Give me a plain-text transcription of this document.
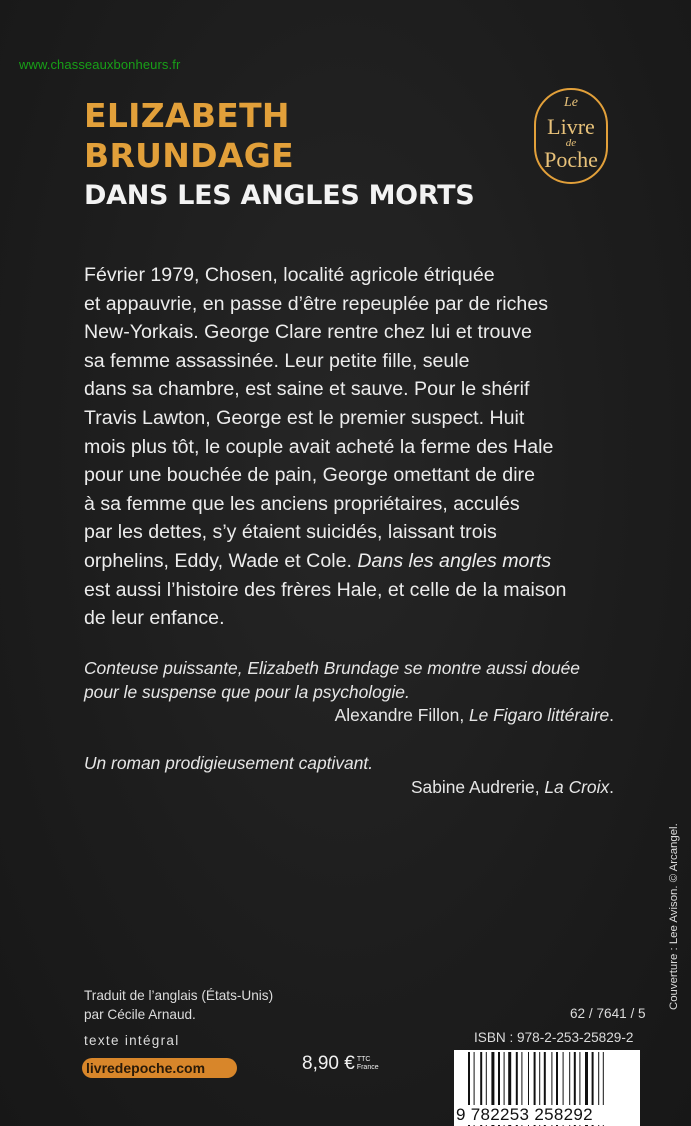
www.chasseauxbonheurs.fr
ELIZABETH
BRUNDAGE
DANS LES ANGLES MORTS
Le
Livre
de
Poche
Février 1979, Chosen, localité agricole étriquée
et appauvrie, en passe d’être repeuplée par de riches
New-Yorkais. George Clare rentre chez lui et trouve
sa femme assassinée. Leur petite fille, seule
dans sa chambre, est saine et sauve. Pour le shérif
Travis Lawton, George est le premier suspect. Huit
mois plus tôt, le couple avait acheté la ferme des Hale
pour une bouchée de pain, George omettant de dire
à sa femme que les anciens propriétaires, acculés
par les dettes, s’y étaient suicidés, laissant trois
orphelins, Eddy, Wade et Cole. Dans les angles morts
est aussi l’histoire des frères Hale, et celle de la maison
de leur enfance.
Conteuse puissante, Elizabeth Brundage se montre aussi douée
pour le suspense que pour la psychologie.
Alexandre Fillon, Le Figaro littéraire.
Un roman prodigieusement captivant.
Sabine Audrerie, La Croix.
Traduit de l’anglais (États-Unis)
par Cécile Arnaud.
texte intégral
livredepoche.com	8,90 € $^{TTC France}$
62 / 7641 / 5
ISBN : 978-2-253-25829-2
9 782253 258292
Couverture : Lee Avison. © Arcangel.
